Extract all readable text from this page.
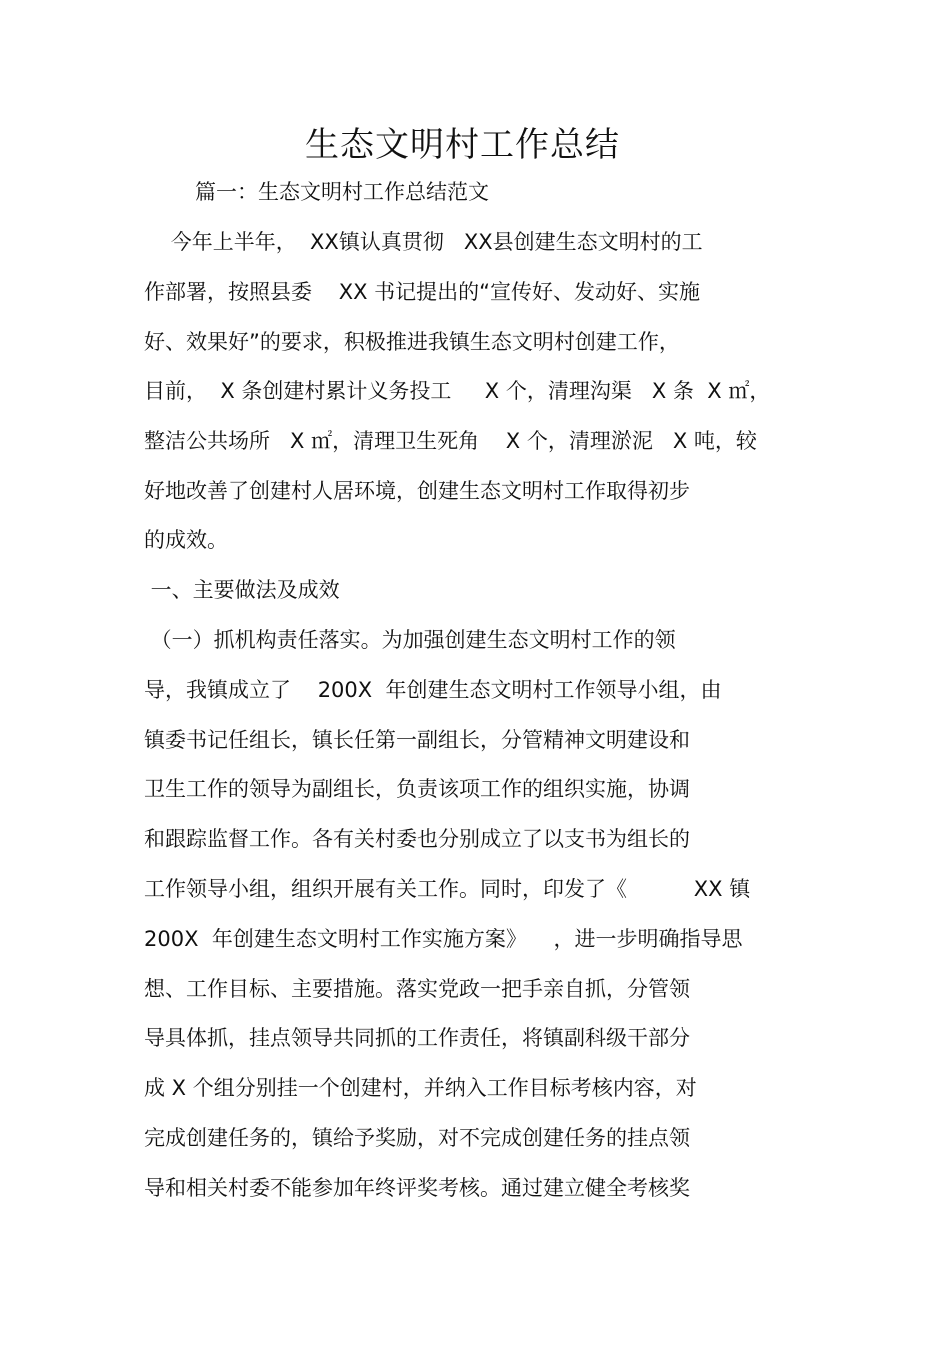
生态文明村工作总结
篇一：生态文明村工作总结范文
今年上半年，  XX镇认真贯彻   XX县创建生态文明村的工
作部署，按照县委    XX 书记提出的“宣传好、发动好、实施
好、效果好”的要求，积极推进我镇生态文明村创建工作，
目前，  X 条创建村累计义务投工     X 个，清理沟渠   X 条  X ㎡，
整洁公共场所   X ㎡，清理卫生死角    X 个，清理淤泥   X 吨，较
好地改善了创建村人居环境，创建生态文明村工作取得初步
的成效。
一、主要做法及成效
（一）抓机构责任落实。为加强创建生态文明村工作的领
导，我镇成立了    200X  年创建生态文明村工作领导小组，由
镇委书记任组长，镇长任第一副组长，分管精神文明建设和
卫生工作的领导为副组长，负责该项工作的组织实施，协调
和跟踪监督工作。各有关村委也分别成立了以支书为组长的
工作领导小组，组织开展有关工作。同时，印发了《          XX 镇
200X  年创建生态文明村工作实施方案》    ，进一步明确指导思
想、工作目标、主要措施。落实党政一把手亲自抓，分管领
导具体抓，挂点领导共同抓的工作责任，将镇副科级干部分
成 X 个组分别挂一个创建村，并纳入工作目标考核内容，对
完成创建任务的，镇给予奖励，对不完成创建任务的挂点领
导和相关村委不能参加年终评奖考核。通过建立健全考核奖
